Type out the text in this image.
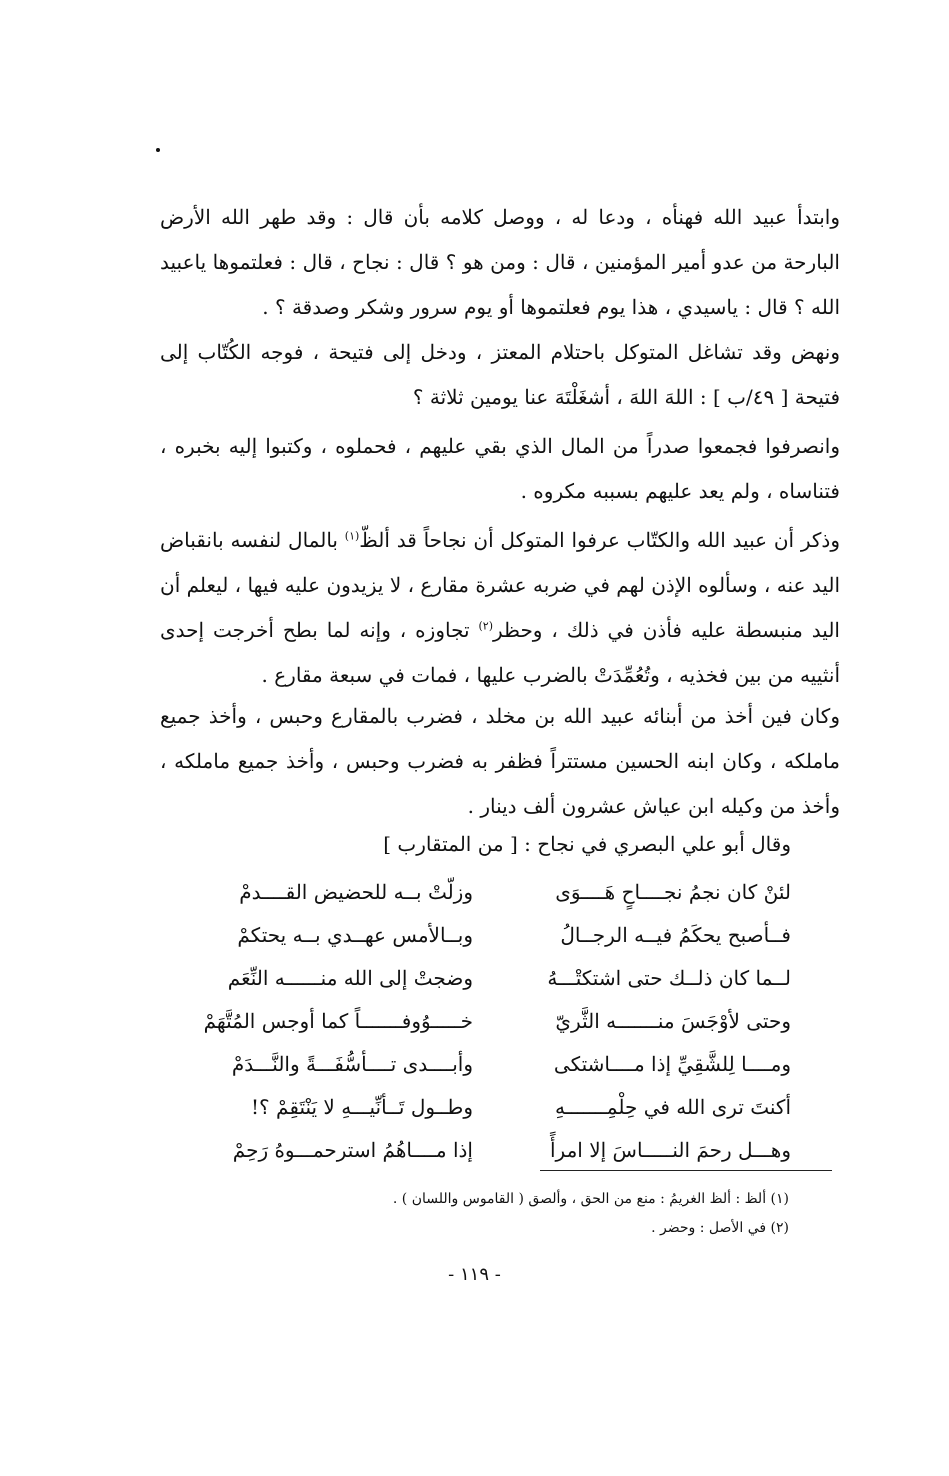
وابتدأ عبيد الله فهنأه ، ودعا له ، ووصل كلامه بأن قال : وقد طهر الله الأرض البارحة من عدو أمير المؤمنين ، قال : ومن هو ؟ قال : نجاح ، قال : فعلتموها ياعبيد الله ؟ قال : ياسيدي ، هذا يوم فعلتموها أو يوم سرور وشكر وصدقة ؟ .
ونهض وقد تشاغل المتوكل باحتلام المعتز ، ودخل إلى فتيحة ، فوجه الكُتّاب إلى فتيحة [ ٤٩/ب ] : اللهَ اللهَ ، أشغَلْتَهَ عنا يومين ثلاثة ؟
وانصرفوا فجمعوا صدراً من المال الذي بقي عليهم ، فحملوه ، وكتبوا إليه بخبره ، فتناساه ، ولم يعد عليهم بسببه مكروه .
وذكر أن عبيد الله والكتّاب عرفوا المتوكل أن نجاحاً قد ألظّ$^{(١)}$ بالمال لنفسه بانقباض اليد عنه ، وسألوه الإذن لهم في ضربه عشرة مقارع ، لا يزيدون عليه فيها ، ليعلم أن اليد منبسطة عليه فأذن في ذلك ، وحظر$^{(٢)}$ تجاوزه ، وإنه لما بطح أخرجت إحدى أنثييه من بين فخذيه ، وتُعُمِّدَتْ بالضرب عليها ، فمات في سبعة مقارع .
وكان فين أخذ من أبنائه عبيد الله بن مخلد ، فضرب بالمقارع وحبس ، وأخذ جميع ماملكه ، وكان ابنه الحسين مستتراً فظفر به فضرب وحبس ، وأخذ جميع ماملكه ، وأخذ من وكيله ابن عياش عشرون ألف دينار .
وقال أبو علي البصري في نجاح : [ من المتقارب ]
لئنْ كان نجمُ نجــــاحٍ هَــــوَى
وزلّتْ بــه للحضيض القــــدمْ
فــأصبح يحكَمُ فيــه الرجــالُ
وبــالأمس عهــدي بــه يحتكمْ
لــما كان ذلــك حتى اشتكتْـــهُ
وضجتْ إلى الله منــــــه النِّعَم
وحتى لأوْجَسَ منـــــــه الثَّريّ
خـــــوُوفـــــــاً كما أوجس المُتَّهَمْ
ومــــا لِلشَّقِيِّ إذا مــــاشتكى
وأبــــدى تــــأسُّفَـــةً والنَّـــدَمْ
أكنتَ ترى الله في حِلْمِـــــــهِ
وطــول تَــأنِّيـــهِ لا يَنْتَقِمْ ؟!
وهـــل رحمَ النـــــاسَ إلا امرأً
إذا مــــاهُمُ استرحمـــوهُ رَحِمْ
(١) ألظ : ألظ الغريمُ : منع من الحق ، وألصق ( القاموس واللسان ) .
(٢) في الأصل : وحضر .
- ١١٩ -
